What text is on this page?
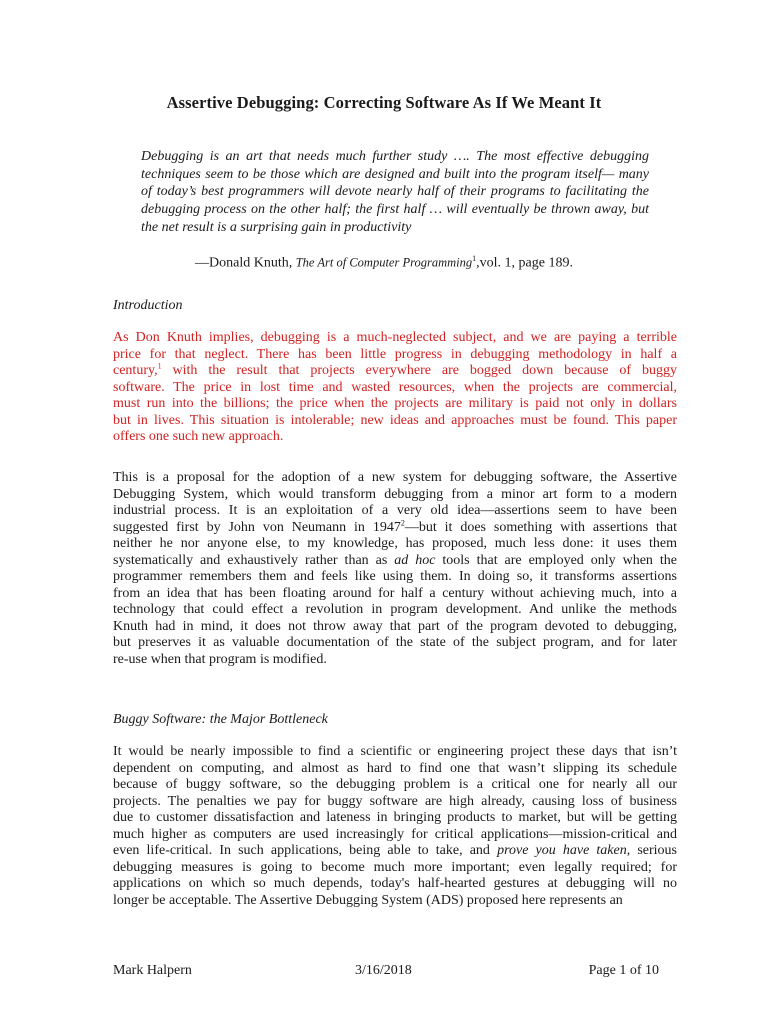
Assertive Debugging: Correcting Software As If We Meant It
Debugging is an art that needs much further study …. The most effective debugging techniques seem to be those which are designed and built into the program itself— many of today’s best programmers will devote nearly half of their programs to facilitating the debugging process on the other half; the first half … will eventually be thrown away, but the net result is a surprising gain in productivity
—Donald Knuth, The Art of Computer Programming$^1$,vol. 1, page 189.
Introduction
As Don Knuth implies, debugging is a much-neglected subject, and we are paying a terrible
price for that neglect. There has been little progress in debugging methodology in half a
century,$^1$ with the result that projects everywhere are bogged down because of buggy
software. The price in lost time and wasted resources, when the projects are commercial,
must run into the billions; the price when the projects are military is paid not only in dollars
but in lives. This situation is intolerable; new ideas and approaches must be found. This paper
offers one such new approach.
This is a proposal for the adoption of a new system for debugging software, the Assertive
Debugging System, which would transform debugging from a minor art form to a modern
industrial process. It is an exploitation of a very old idea—assertions seem to have been
suggested first by John von Neumann in 1947$^2$—but it does something with assertions that
neither he nor anyone else, to my knowledge, has proposed, much less done: it uses them
systematically and exhaustively rather than as ad hoc tools that are employed only when the
programmer remembers them and feels like using them. In doing so, it transforms assertions
from an idea that has been floating around for half a century without achieving much, into a
technology that could effect a revolution in program development. And unlike the methods
Knuth had in mind, it does not throw away that part of the program devoted to debugging,
but preserves it as valuable documentation of the state of the subject program, and for later
re-use when that program is modified.
Buggy Software: the Major Bottleneck
It would be nearly impossible to find a scientific or engineering project these days that isn’t
dependent on computing, and almost as hard to find one that wasn’t slipping its schedule
because of buggy software, so the debugging problem is a critical one for nearly all our
projects. The penalties we pay for buggy software are high already, causing loss of business
due to customer dissatisfaction and lateness in bringing products to market, but will be getting
much higher as computers are used increasingly for critical applications—mission-critical and
even life-critical. In such applications, being able to take, and prove you have taken, serious
debugging measures is going to become much more important; even legally required; for
applications on which so much depends, today's half-hearted gestures at debugging will no
longer be acceptable. The Assertive Debugging System (ADS) proposed here represents an
Mark Halpern	3/16/2018	Page 1 of 10
